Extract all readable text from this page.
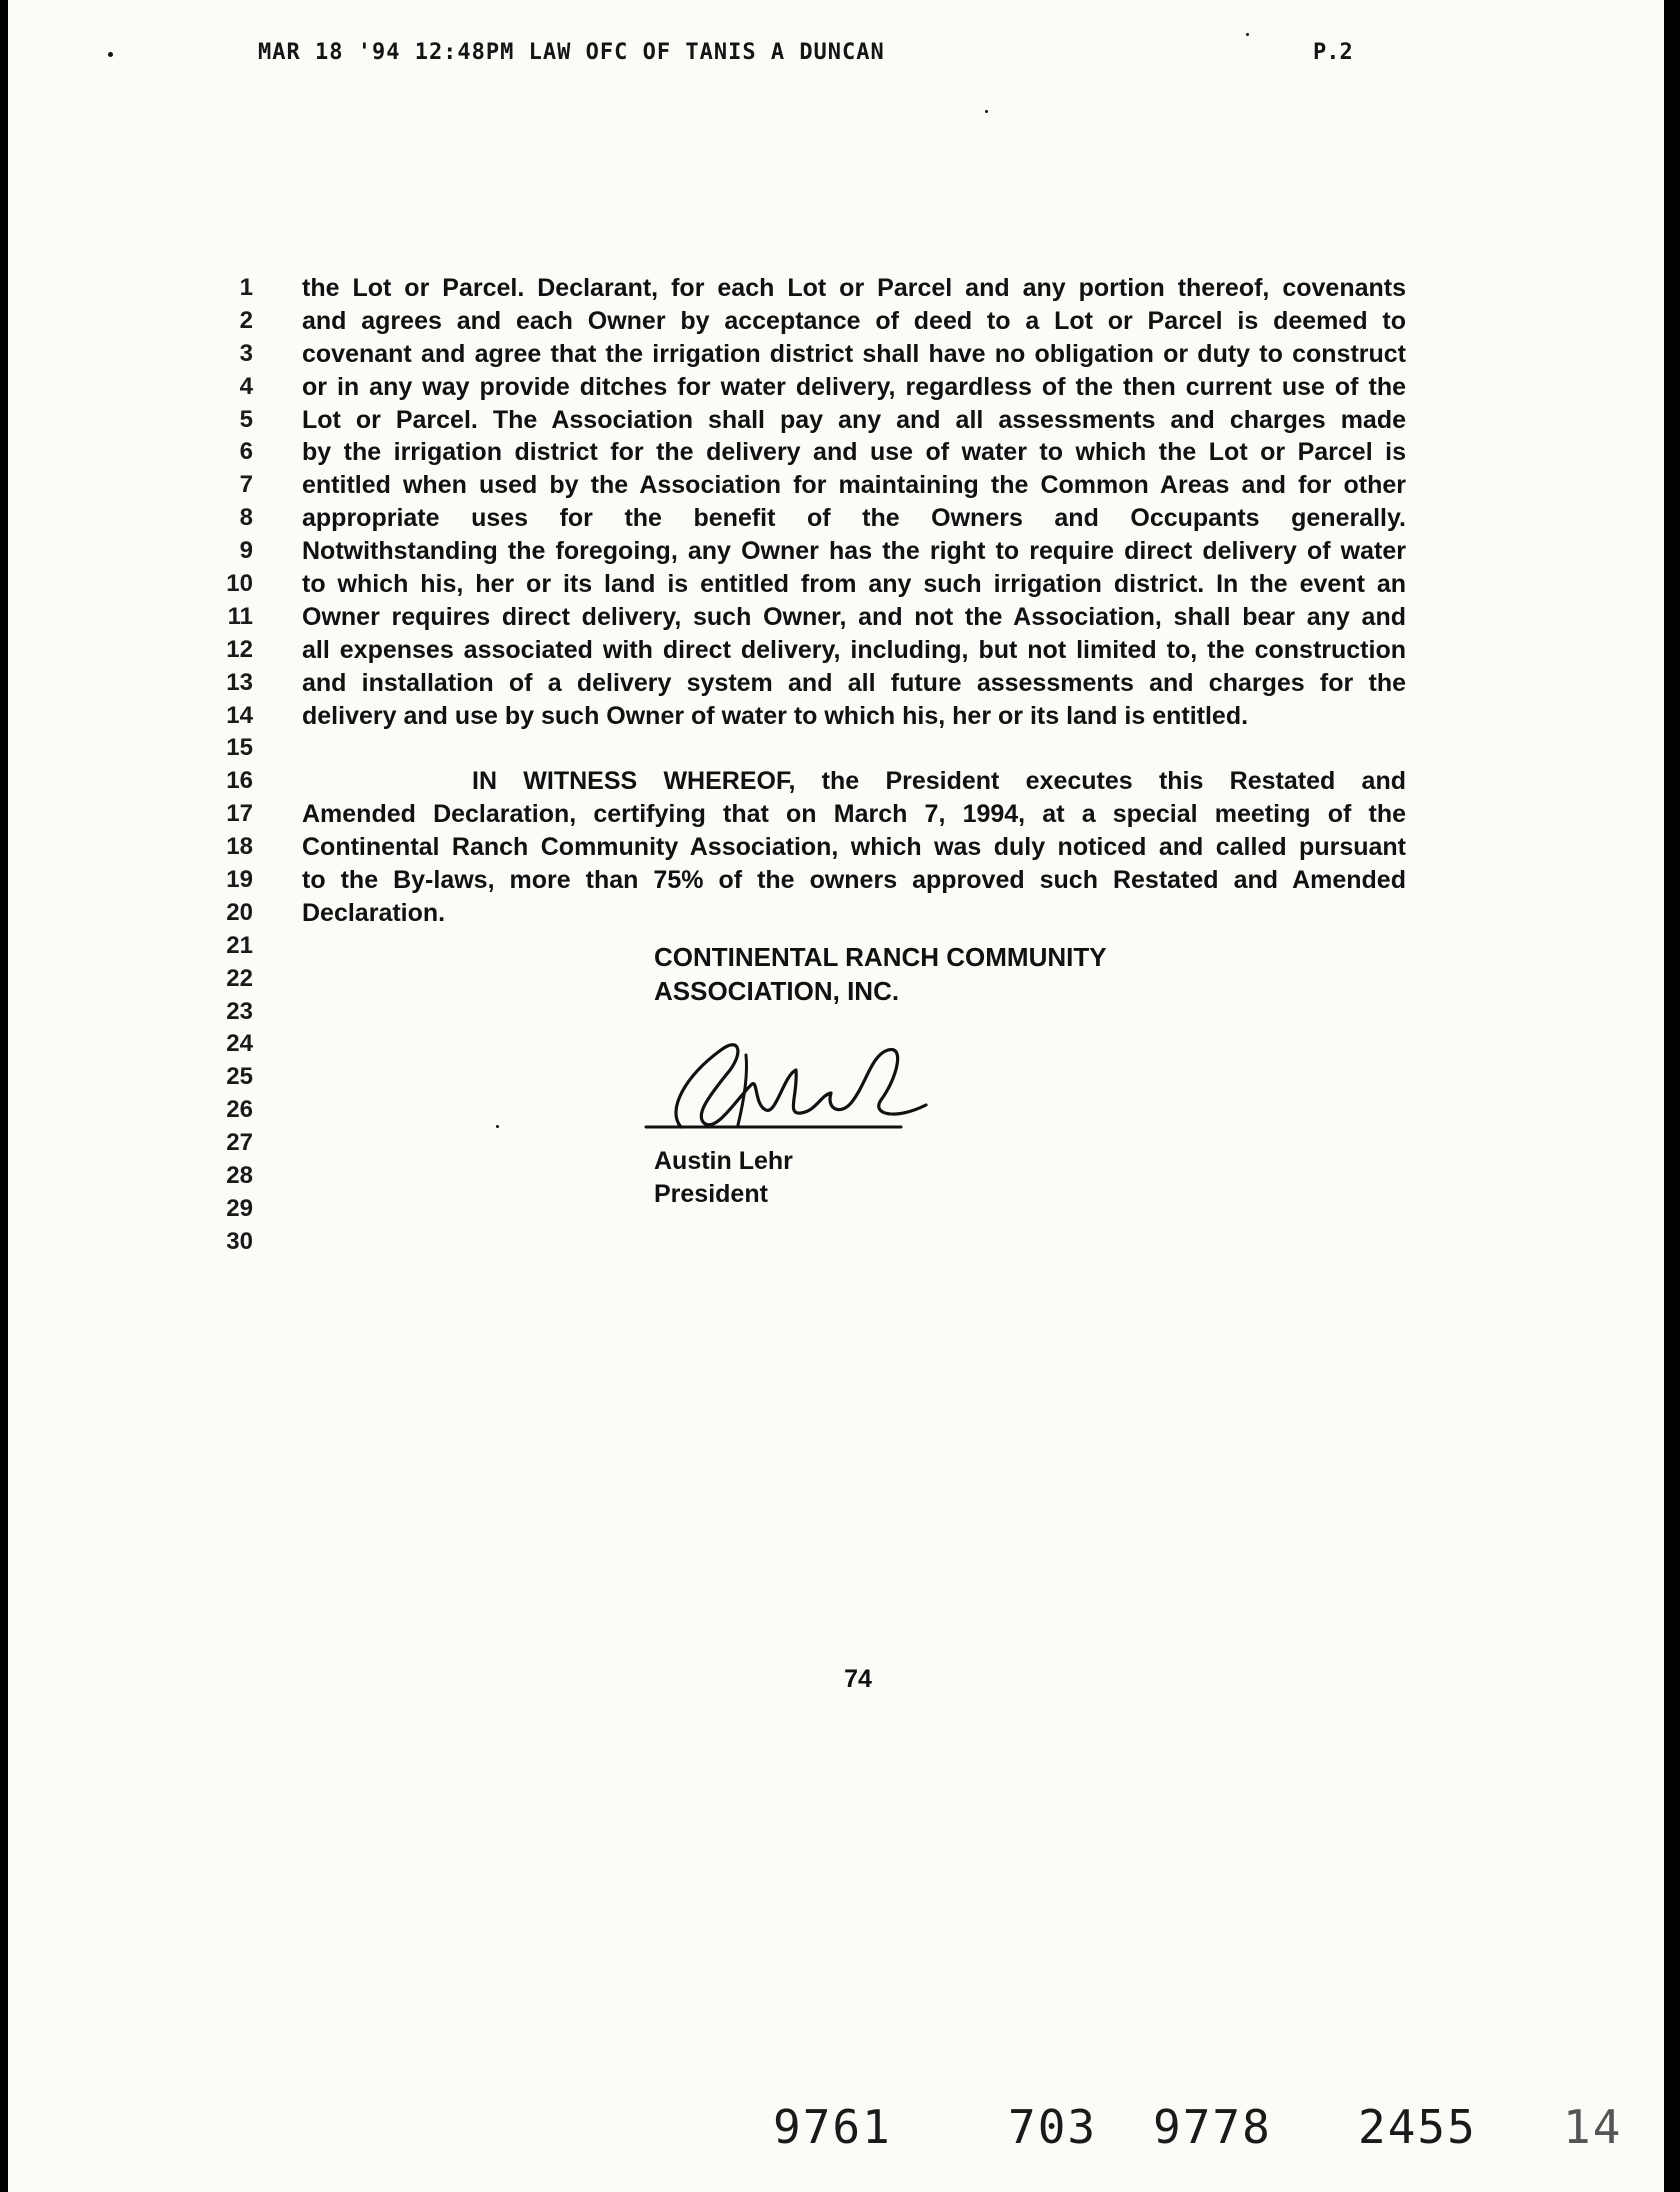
MAR 18 '94 12:48PM LAW OFC OF TANIS A DUNCAN	P.2
1
2
3
4
5
6
7
8
9
10
11
12
13
14
15
16
17
18
19
20
21
22
23
24
25
26
27
28
29
30
the Lot or Parcel. Declarant, for each Lot or Parcel and any portion thereof, covenants
and agrees and each Owner by acceptance of deed to a Lot or Parcel is deemed to
covenant and agree that the irrigation district shall have no obligation or duty to construct
or in any way provide ditches for water delivery, regardless of the then current use of the
Lot or Parcel. The Association shall pay any and all assessments and charges made
by the irrigation district for the delivery and use of water to which the Lot or Parcel is
entitled when used by the Association for maintaining the Common Areas and for other
appropriate uses for the benefit of the Owners and Occupants generally.
Notwithstanding the foregoing, any Owner has the right to require direct delivery of water
to which his, her or its land is entitled from any such irrigation district. In the event an
Owner requires direct delivery, such Owner, and not the Association, shall bear any and
all expenses associated with direct delivery, including, but not limited to, the construction
and installation of a delivery system and all future assessments and charges for the
delivery and use by such Owner of water to which his, her or its land is entitled.
IN WITNESS WHEREOF, the President executes this Restated and
Amended Declaration, certifying that on March 7, 1994, at a special meeting of the
Continental Ranch Community Association, which was duly noticed and called pursuant
to the By-laws, more than 75% of the owners approved such Restated and Amended
Declaration.
CONTINENTAL RANCH COMMUNITY
ASSOCIATION, INC.
Austin Lehr
President
74
9761	703 9778 2455 14
